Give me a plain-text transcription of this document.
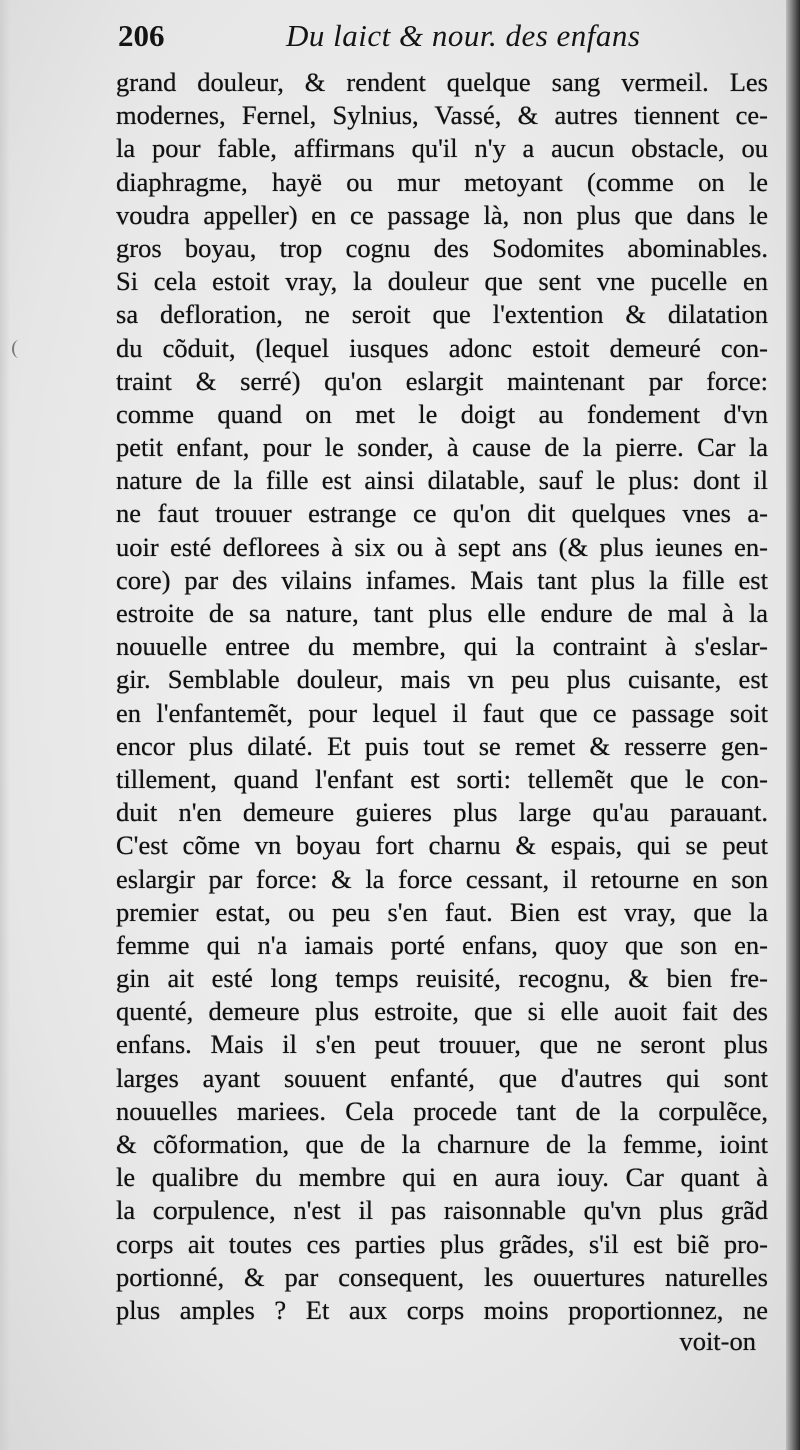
206	Du laict & nour. des enfans
grand douleur, & rendent quelque sang vermeil. Les
modernes, Fernel, Sylnius, Vassé, & autres tiennent ce-
la pour fable, affirmans qu'il n'y a aucun obstacle, ou
diaphragme, hayë ou mur metoyant (comme on le
voudra appeller) en ce passage là, non plus que dans le
gros boyau, trop cognu des Sodomites abominables.
Si cela estoit vray, la douleur que sent vne pucelle en
sa defloration, ne seroit que l'extention & dilatation
du cõduit, (lequel iusques adonc estoit demeuré con-
traint & serré) qu'on eslargit maintenant par force:
comme quand on met le doigt au fondement d'vn
petit enfant, pour le sonder, à cause de la pierre. Car la
nature de la fille est ainsi dilatable, sauf le plus: dont il
ne faut trouuer estrange ce qu'on dit quelques vnes a-
uoir esté deflorees à six ou à sept ans (& plus ieunes en-
core) par des vilains infames. Mais tant plus la fille est
estroite de sa nature, tant plus elle endure de mal à la
nouuelle entree du membre, qui la contraint à s'eslar-
gir. Semblable douleur, mais vn peu plus cuisante, est
en l'enfantemẽt, pour lequel il faut que ce passage soit
encor plus dilaté. Et puis tout se remet & resserre gen-
tillement, quand l'enfant est sorti: tellemẽt que le con-
duit n'en demeure guieres plus large qu'au parauant.
C'est cõme vn boyau fort charnu & espais, qui se peut
eslargir par force: & la force cessant, il retourne en son
premier estat, ou peu s'en faut. Bien est vray, que la
femme qui n'a iamais porté enfans, quoy que son en-
gin ait esté long temps reuisité, recognu, & bien fre-
quenté, demeure plus estroite, que si elle auoit fait des
enfans. Mais il s'en peut trouuer, que ne seront plus
larges ayant souuent enfanté, que d'autres qui sont
nouuelles mariees. Cela procede tant de la corpulẽce,
& cõformation, que de la charnure de la femme, ioint
le qualibre du membre qui en aura iouy. Car quant à
la corpulence, n'est il pas raisonnable qu'vn plus grãd
corps ait toutes ces parties plus grãdes, s'il est biẽ pro-
portionné, & par consequent, les ouuertures naturelles
plus amples ? Et aux corps moins proportionnez, ne
voit-on
